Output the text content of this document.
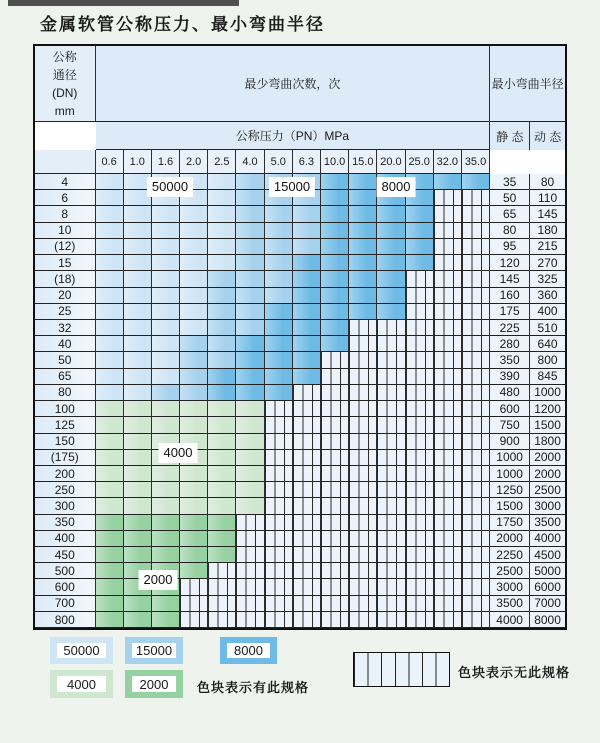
金属软管公称压力、最小弯曲半径
公称
通径
(DN)
mm
最少弯曲次数，次	最小弯曲半径
公称压力（PN）MPa	静 态 动 态
0.6	1.0	1.6	2.0	2.5	4.0	5.0	6.3 10.0 15.0 20.0 25.0 32.0 35.0
4	35	80
6	50	110
8	65	145
10	80	180
(12)	95	215
15	120	270
(18)	145	325
20	160	360
25	175	400
32	225	510
40	280	640
50	350	800
65	390	845
80	480	1000
100	600	1200
125	750	1500
150	900	1800
(175)	1000 2000
200	1000 2000
250	1250 2500
300	1500 3000
350	1750 3500
400	2000 4000
450	2250 4500
500	2500 5000
600	3000 6000
700	3500 7000
800	4000 8000
色块表示有此规格
色块表示无此规格
50000	15000	8000
4000
2000
50000	15000	8000
4000	2000
